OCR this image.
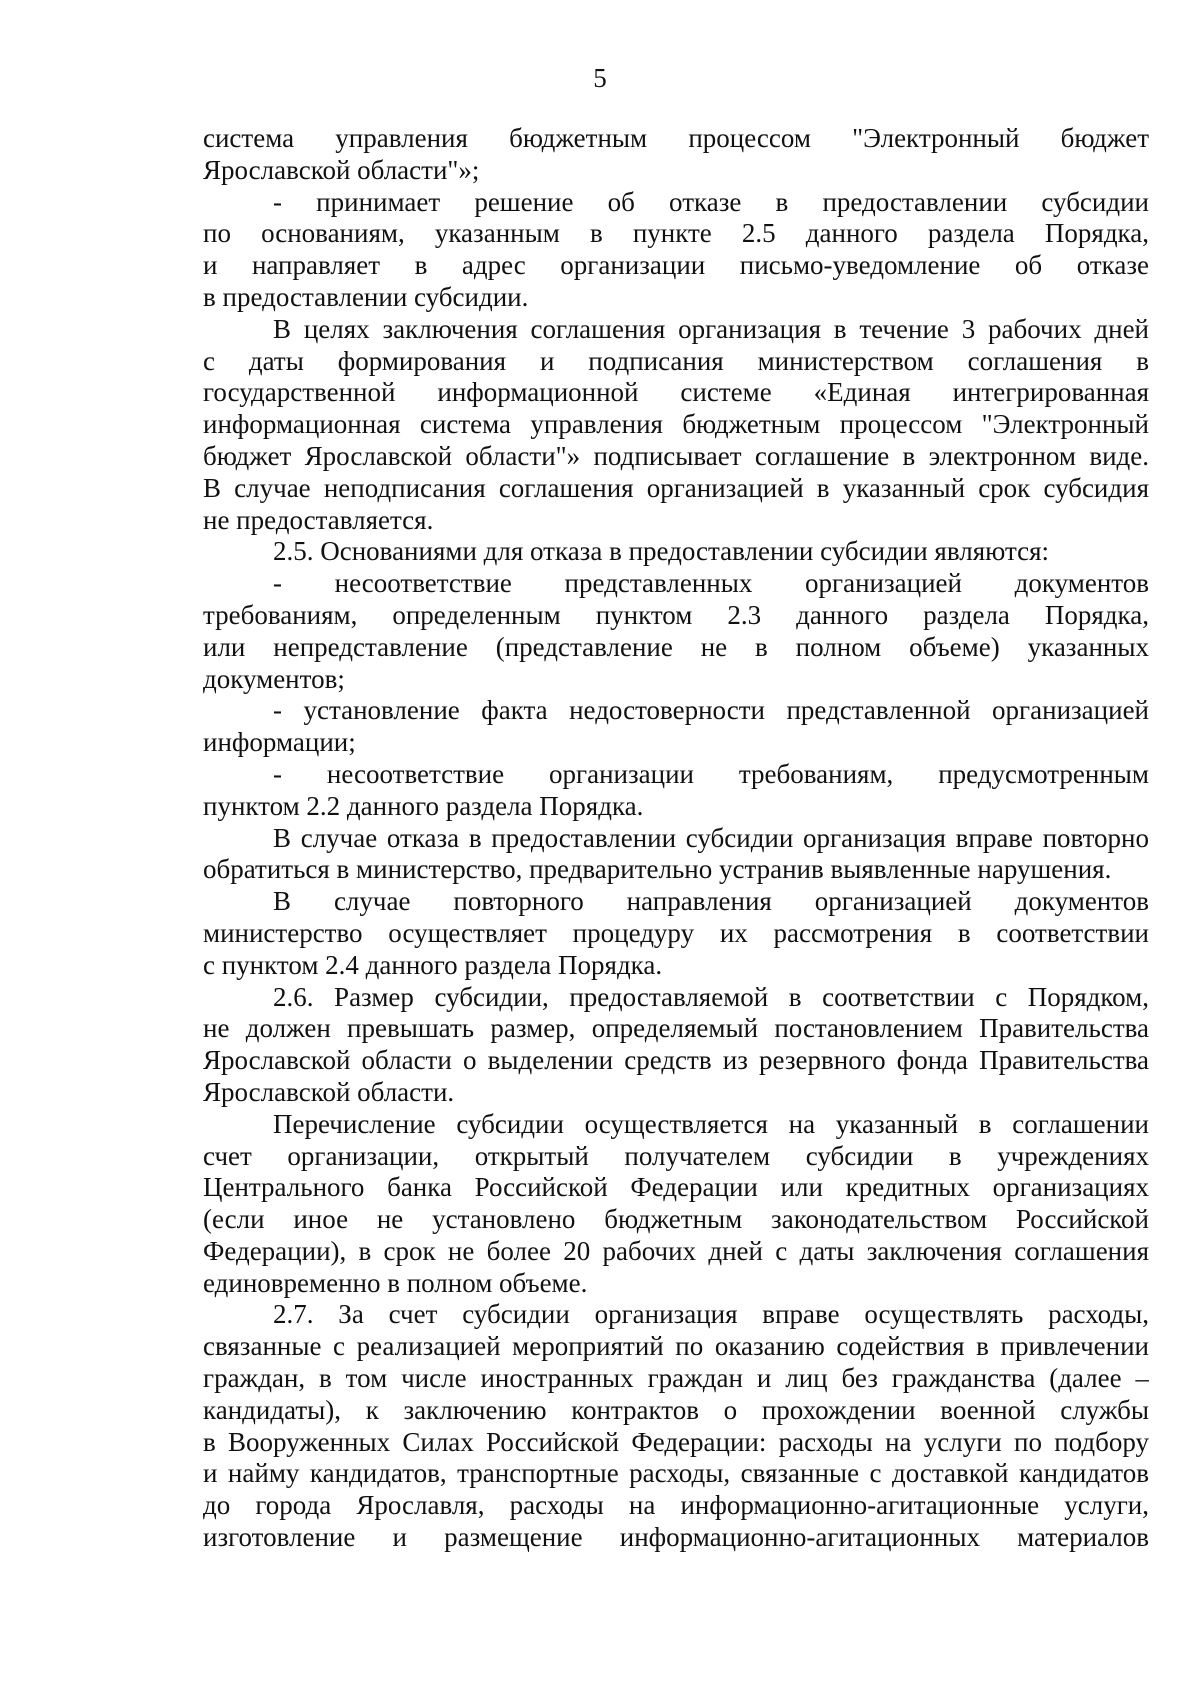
5
система управления бюджетным процессом "Электронный бюджет
Ярославской области"»;
- принимает решение об отказе в предоставлении субсидии
по основаниям, указанным в пункте 2.5 данного раздела Порядка,
и направляет в адрес организации письмо-уведомление об отказе
в предоставлении субсидии.
В целях заключения соглашения организация в течение 3 рабочих дней
с даты формирования и подписания министерством соглашения в
государственной информационной системе «Единая интегрированная
информационная система управления бюджетным процессом "Электронный
бюджет Ярославской области"» подписывает соглашение в электронном виде.
В случае неподписания соглашения организацией в указанный срок субсидия
не предоставляется.
2.5. Основаниями для отказа в предоставлении субсидии являются:
- несоответствие представленных организацией документов
требованиям, определенным пунктом 2.3 данного раздела Порядка,
или непредставление (представление не в полном объеме) указанных
документов;
- установление факта недостоверности представленной организацией
информации;
- несоответствие организации требованиям, предусмотренным
пунктом 2.2 данного раздела Порядка.
В случае отказа в предоставлении субсидии организация вправе повторно
обратиться в министерство, предварительно устранив выявленные нарушения.
В случае повторного направления организацией документов
министерство осуществляет процедуру их рассмотрения в соответствии
с пунктом 2.4 данного раздела Порядка.
2.6. Размер субсидии, предоставляемой в соответствии с Порядком,
не должен превышать размер, определяемый постановлением Правительства
Ярославской области о выделении средств из резервного фонда Правительства
Ярославской области.
Перечисление субсидии осуществляется на указанный в соглашении
счет организации, открытый получателем субсидии в учреждениях
Центрального банка Российской Федерации или кредитных организациях
(если иное не установлено бюджетным законодательством Российской
Федерации), в срок не более 20 рабочих дней с даты заключения соглашения
единовременно в полном объеме.
2.7. За счет субсидии организация вправе осуществлять расходы,
связанные с реализацией мероприятий по оказанию содействия в привлечении
граждан, в том числе иностранных граждан и лиц без гражданства (далее –
кандидаты), к заключению контрактов о прохождении военной службы
в Вооруженных Силах Российской Федерации: расходы на услуги по подбору
и найму кандидатов, транспортные расходы, связанные с доставкой кандидатов
до города Ярославля, расходы на информационно-агитационные услуги,
изготовление и размещение информационно-агитационных материалов
